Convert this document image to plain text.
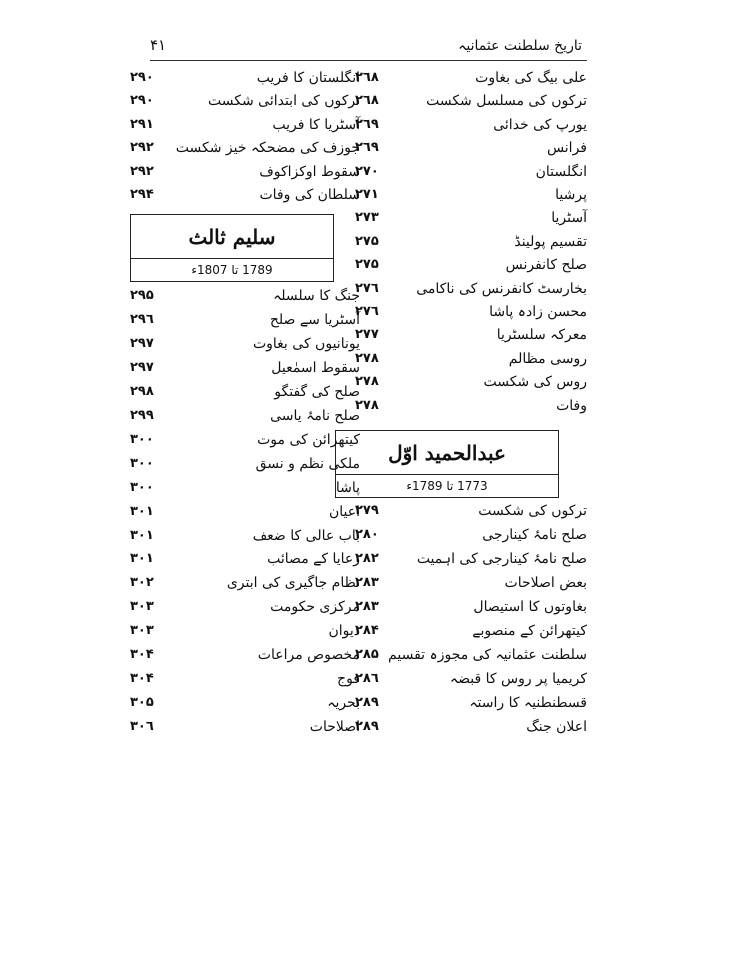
۴۱	تاریخ سلطنت عثمانیہ
علی بیگ کی بغاوت
۲٦۸
ترکوں کی مسلسل شکست
۲٦۸
یورپ کی خدائی
۲٦۹
فرانس
۲٦۹
انگلستان
۲۷۰
پرشیا
۲۷۱
آسٹریا
۲۷۳
تقسیم پولینڈ
۲۷۵
صلح کانفرنس
۲۷۵
بخارسٹ کانفرنس کی ناکامی
۲۷٦
محسن زادہ پاشا
۲۷٦
معرکہ سلسٹریا
۲۷۷
روسی مظالم
۲۷۸
روس کی شکست
۲۷۸
وفات
۲۷۸
عبدالحمید اوّل
1773 تا 1789ء
ترکوں کی شکست
۲۷۹
صلح نامۂ کینارجی
۲۸۰
صلح نامۂ کینارجی کی اہمیت
۲۸۲
بعض اصلاحات
۲۸۳
بغاوتوں کا استیصال
۲۸۳
کیتھرائن کے منصوبے
۲۸۴
سلطنت عثمانیہ کی مجوزہ تقسیم
۲۸۵
کریمیا پر روس کا قبضہ
۲۸٦
قسطنطنیہ کا راستہ
۲۸۹
اعلان جنگ
۲۸۹
انگلستان کا فریب
۲۹۰
ترکوں کی ابتدائی شکست
۲۹۰
آسٹریا کا فریب
۲۹۱
جوزف کی مضحکہ خیز شکست
۲۹۲
سقوط اوکزاکوف
۲۹۲
سلطان کی وفات
۲۹۴
سلیم ثالث
1789 تا 1807ء
جنگ کا سلسلہ
۲۹۵
آسٹریا سے صلح
۲۹٦
یونانیوں کی بغاوت
۲۹۷
سقوط اسمٰعیل
۲۹۷
صلح کی گفتگو
۲۹۸
صلح نامۂ یاسی
۲۹۹
کیتھرائن کی موت
۳۰۰
ملکی نظم و نسق
۳۰۰
پاشا
۳۰۰
اعیان
۳۰۱
باب عالی کا ضعف
۳۰۱
رعایا کے مصائب
۳۰۱
نظام جاگیری کی ابتری
۳۰۲
مرکزی حکومت
۳۰۳
دیوان
۳۰۳
مخصوص مراعات
۳۰۴
فوج
۳۰۴
بحریہ
۳۰۵
اصلاحات
۳۰٦
